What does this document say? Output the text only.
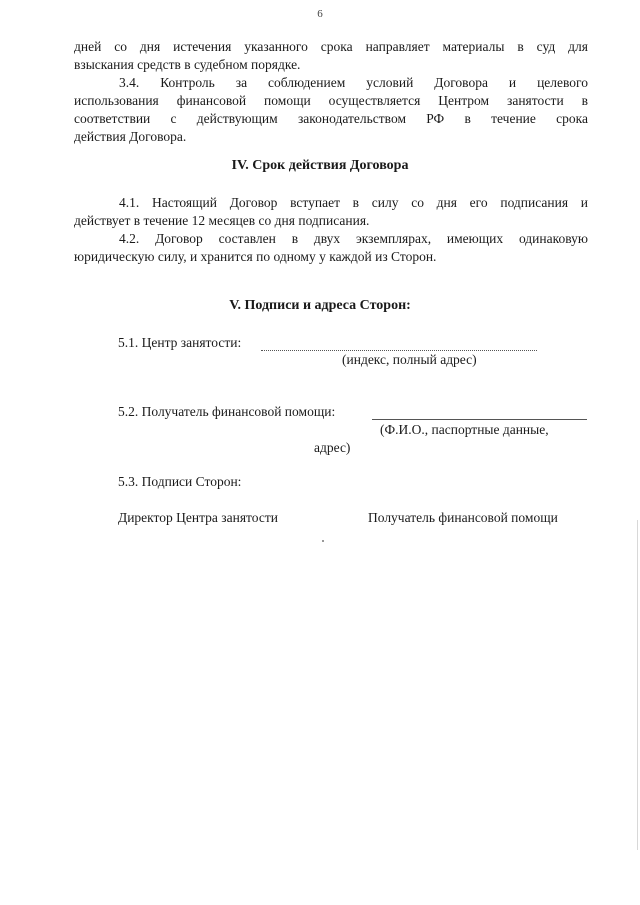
6
дней со дня истечения указанного срока направляет материалы в суд для
взыскания средств в судебном порядке.
3.4. Контроль за соблюдением условий Договора и целевого
использования финансовой помощи осуществляется Центром занятости в
соответствии с действующим законодательством РФ в течение срока
действия Договора.
IV. Срок действия Договора
4.1. Настоящий Договор вступает в силу со дня его подписания и
действует в течение 12 месяцев со дня подписания.
4.2. Договор составлен в двух экземплярах, имеющих одинаковую
юридическую силу, и хранится по одному у каждой из Сторон.
V. Подписи и адреса Сторон:
5.1. Центр занятости:
(индекс, полный адрес)
5.2. Получатель финансовой помощи:
(Ф.И.О., паспортные данные,
адрес)
5.3. Подписи Сторон:
Директор Центра занятости	Получатель финансовой помощи
